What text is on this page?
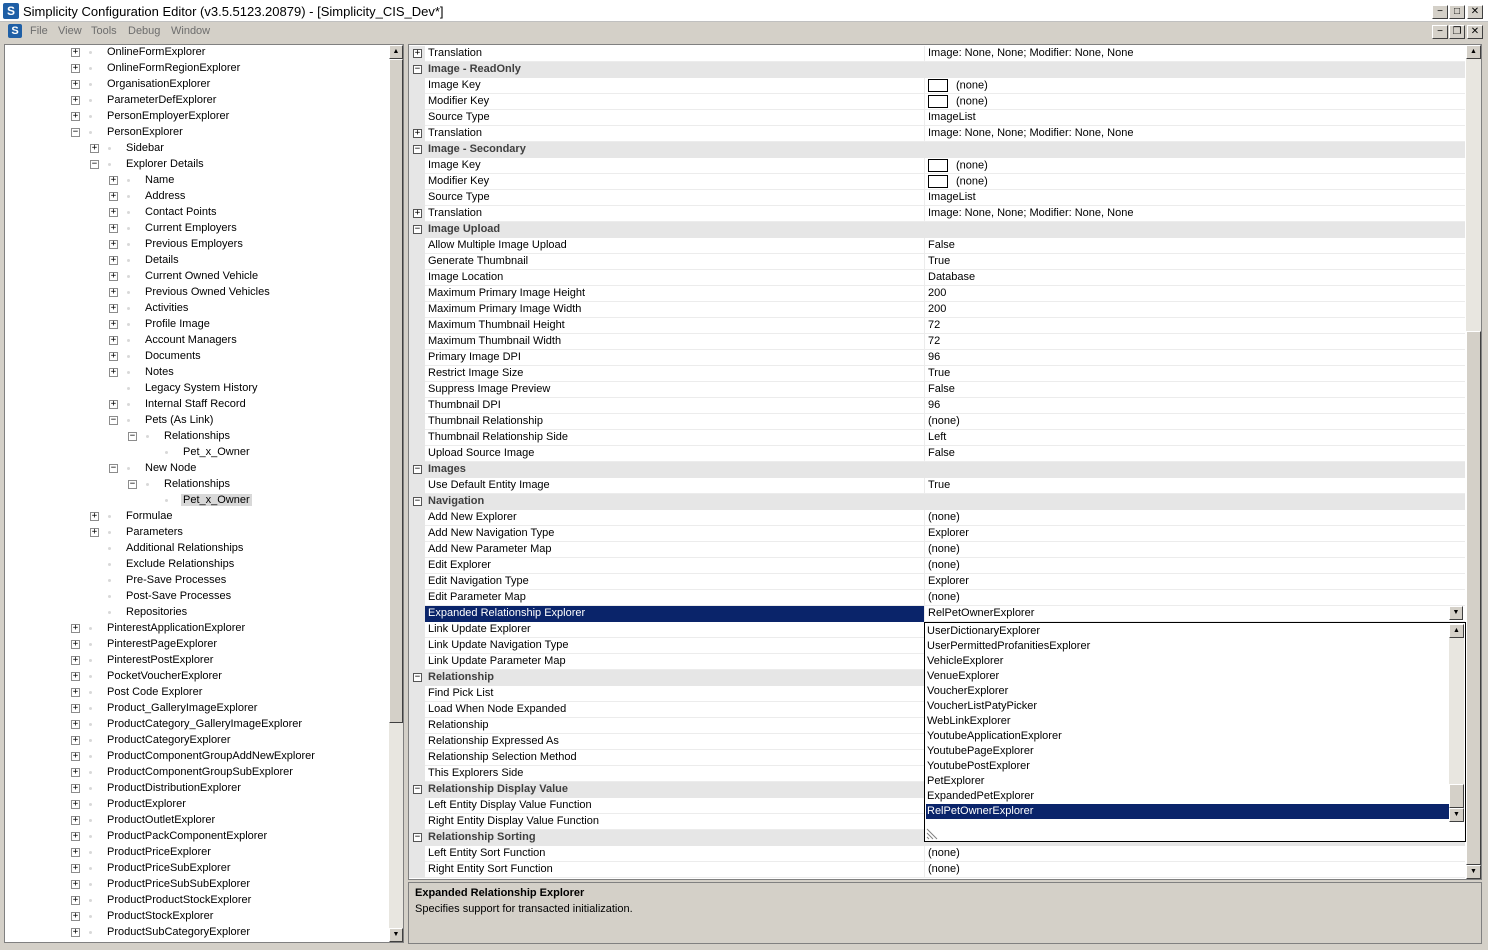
S Simplicity Configuration Editor (v3.5.5123.20879) - [Simplicity_CIS_Dev*]	−	□	✕
S	File View Tools Debug Window	− ❐ ✕
+	OnlineFormExplorer
+	OnlineFormRegionExplorer
+	OrganisationExplorer
+	ParameterDefExplorer
+	PersonEmployerExplorer
−	PersonExplorer
+	Sidebar
−	Explorer Details
+	Name
+	Address
+	Contact Points
+	Current Employers
+	Previous Employers
+	Details
+	Current Owned Vehicle
+	Previous Owned Vehicles
+	Activities
+	Profile Image
+	Account Managers
+	Documents
+	Notes
Legacy System History
+	Internal Staff Record
−	Pets (As Link)
−	Relationships
Pet_x_Owner
−	New Node
−	Relationships
Pet_x_Owner
+	Formulae
+	Parameters
Additional Relationships
Exclude Relationships
Pre-Save Processes
Post-Save Processes
Repositories
+	PinterestApplicationExplorer
+	PinterestPageExplorer
+	PinterestPostExplorer
+	PocketVoucherExplorer
+	Post Code Explorer
+	Product_GalleryImageExplorer
+	ProductCategory_GalleryImageExplorer
+	ProductCategoryExplorer
+	ProductComponentGroupAddNewExplorer
+	ProductComponentGroupSubExplorer
+	ProductDistributionExplorer
+	ProductExplorer
+	ProductOutletExplorer
+	ProductPackComponentExplorer
+	ProductPriceExplorer
+	ProductPriceSubExplorer
+	ProductPriceSubSubExplorer
+	ProductProductStockExplorer
+	ProductStockExplorer
+	ProductSubCategoryExplorer
▲
▼
+ Translation	Image: None, None; Modifier: None, None
− Image - ReadOnly
Image Key	(none)
Modifier Key	(none)
Source Type	ImageList
+ Translation	Image: None, None; Modifier: None, None
− Image - Secondary
Image Key	(none)
Modifier Key	(none)
Source Type	ImageList
+ Translation	Image: None, None; Modifier: None, None
− Image Upload
Allow Multiple Image Upload	False
Generate Thumbnail	True
Image Location	Database
Maximum Primary Image Height	200
Maximum Primary Image Width	200
Maximum Thumbnail Height	72
Maximum Thumbnail Width	72
Primary Image DPI	96
Restrict Image Size	True
Suppress Image Preview	False
Thumbnail DPI	96
Thumbnail Relationship	(none)
Thumbnail Relationship Side	Left
Upload Source Image	False
− Images
Use Default Entity Image	True
− Navigation
Add New Explorer	(none)
Add New Navigation Type	Explorer
Add New Parameter Map	(none)
Edit Explorer	(none)
Edit Navigation Type	Explorer
Edit Parameter Map	(none)
Expanded Relationship Explorer	RelPetOwnerExplorer
Link Update Explorer
Link Update Navigation Type
Link Update Parameter Map
− Relationship
Find Pick List
Load When Node Expanded
Relationship
Relationship Expressed As
Relationship Selection Method
This Explorers Side
− Relationship Display Value
Left Entity Display Value Function
Right Entity Display Value Function
− Relationship Sorting
Left Entity Sort Function	(none)
Right Entity Sort Function	(none)
▲
▼
▼
▲
▼
UserDictionaryExplorer
UserPermittedProfanitiesExplorer
VehicleExplorer
VenueExplorer
VoucherExplorer
VoucherListPatyPicker
WebLinkExplorer
YoutubeApplicationExplorer
YoutubePageExplorer
YoutubePostExplorer
PetExplorer
ExpandedPetExplorer
RelPetOwnerExplorer
Expanded Relationship Explorer
Specifies support for transacted initialization.
